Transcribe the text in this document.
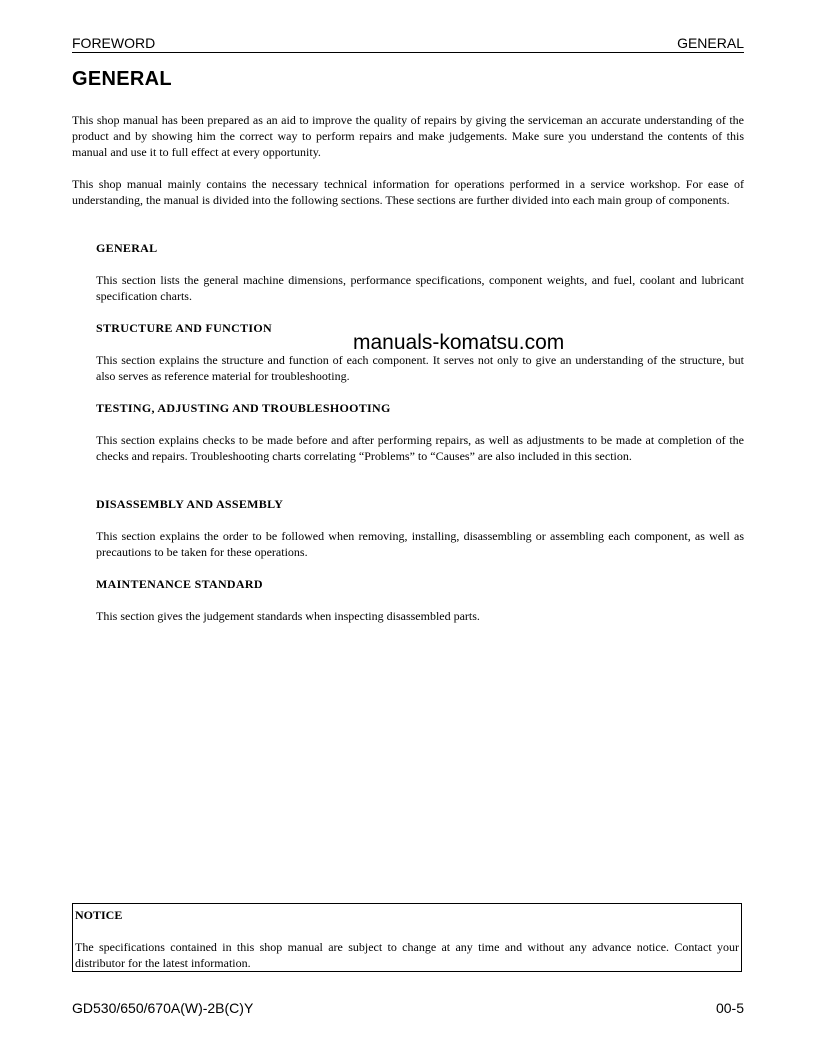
FOREWORD	GENERAL
GENERAL

This shop manual has been prepared as an aid to improve the quality of repairs by giving the serviceman an accurate understanding of the product and by showing him the correct way to perform repairs and make judgements. Make sure you understand the contents of this manual and use it to full effect at every opportunity.

This shop manual mainly contains the necessary technical information for operations performed in a service workshop. For ease of understanding, the manual is divided into the following sections. These sections are further divided into each main group of components.

GENERAL

This section lists the general machine dimensions, performance specifications, component weights, and fuel, coolant and lubricant specification charts.

STRUCTURE AND FUNCTION

This section explains the structure and function of each component. It serves not only to give an understanding of the structure, but also serves as reference material for troubleshooting.

TESTING, ADJUSTING AND TROUBLESHOOTING

This section explains checks to be made before and after performing repairs, as well as adjustments to be made at completion of the checks and repairs. Troubleshooting charts correlating “Problems” to “Causes” are also included in this section.

DISASSEMBLY AND ASSEMBLY

This section explains the order to be followed when removing, installing, disassembling or assembling each component, as well as precautions to be taken for these operations.

MAINTENANCE STANDARD

This section gives the judgement standards when inspecting disassembled parts.

manuals-komatsu.com
NOTICE

The specifications contained in this shop manual are subject to change at any time and without any advance notice. Contact your distributor for the latest information.

GD530/650/670A(W)-2B(C)Y	00-5
